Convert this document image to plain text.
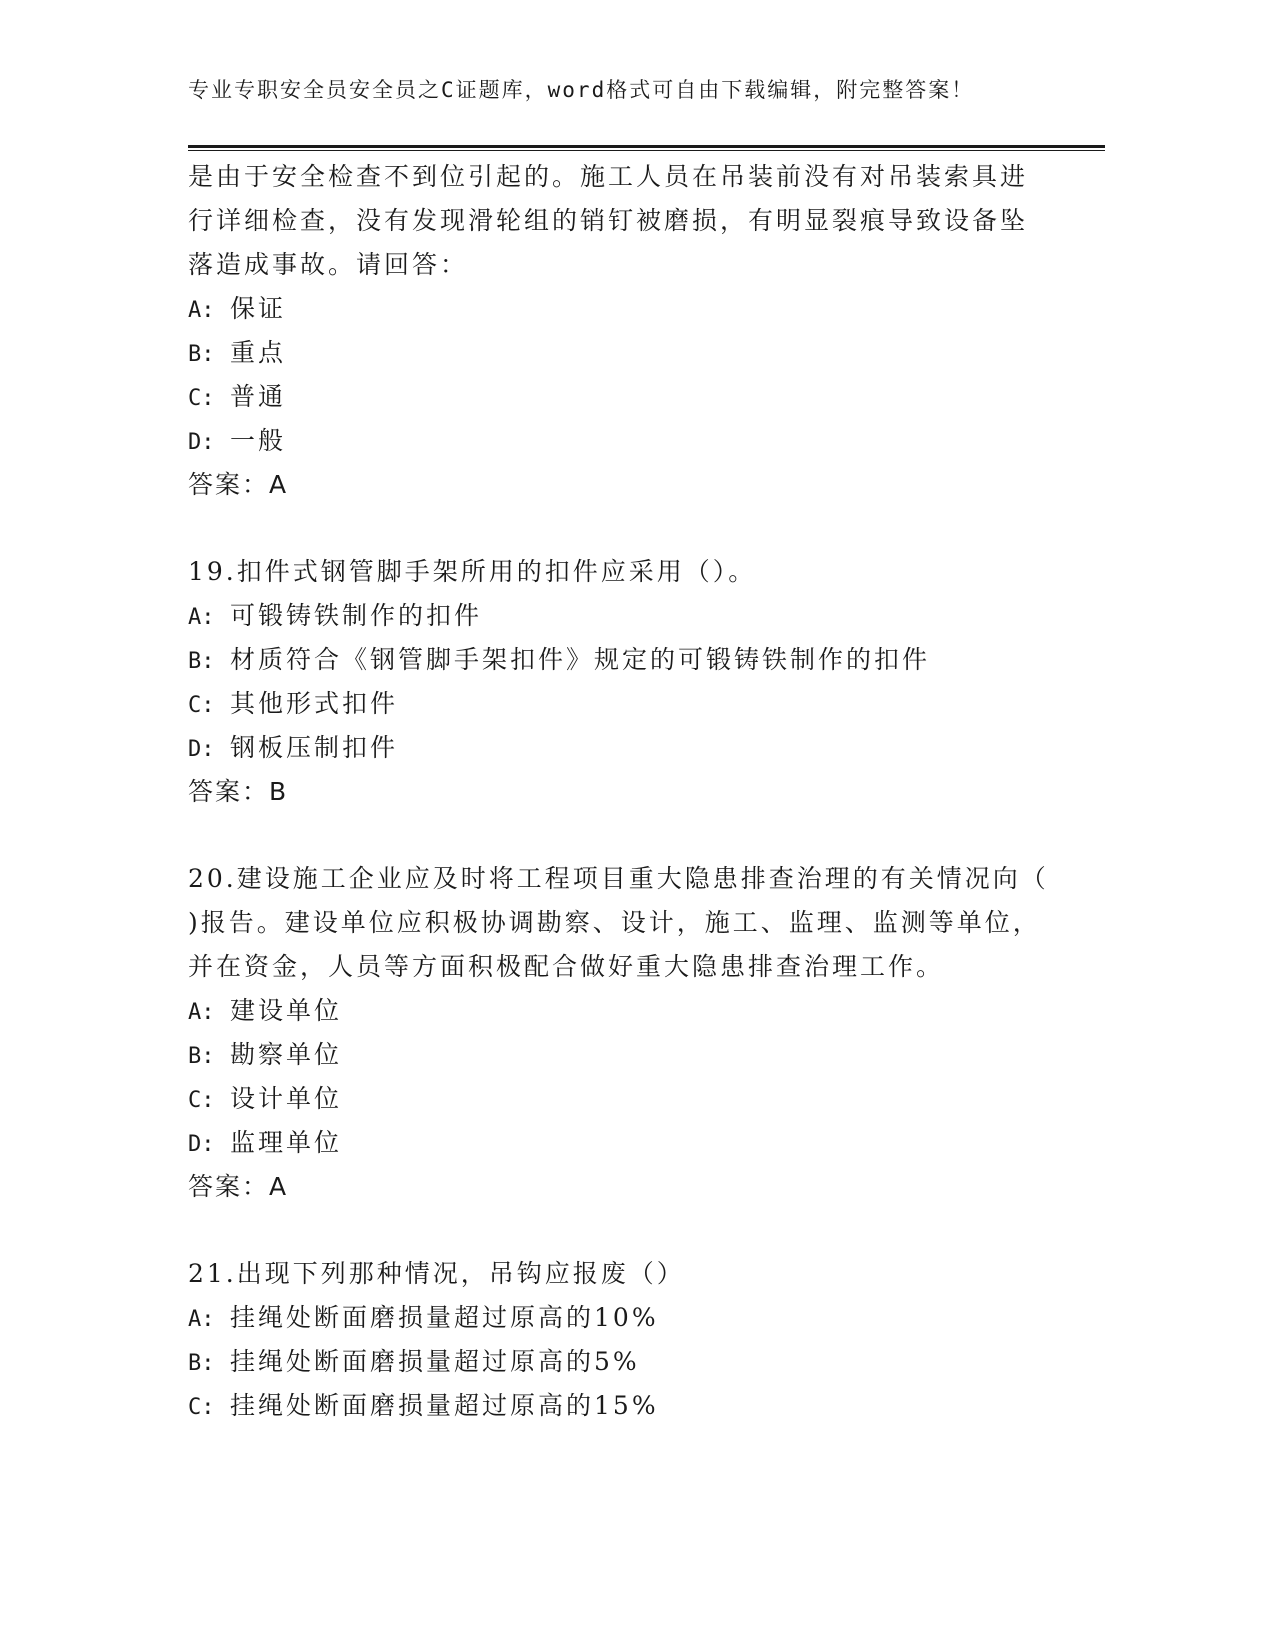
专业专职安全员安全员之C证题库，word格式可自由下载编辑，附完整答案！
是由于安全检查不到位引起的。施工人员在吊装前没有对吊装索具进
行详细检查，没有发现滑轮组的销钉被磨损，有明显裂痕导致设备坠
落造成事故。请回答：
A: 保证
B: 重点
C: 普通
D: 一般
答案：A
19.扣件式钢管脚手架所用的扣件应采用（）。
A: 可锻铸铁制作的扣件
B: 材质符合《钢管脚手架扣件》规定的可锻铸铁制作的扣件
C: 其他形式扣件
D: 钢板压制扣件
答案：B
20.建设施工企业应及时将工程项目重大隐患排查治理的有关情况向（
)报告。建设单位应积极协调勘察、设计，施工、监理、监测等单位，
并在资金，人员等方面积极配合做好重大隐患排查治理工作。
A: 建设单位
B: 勘察单位
C: 设计单位
D: 监理单位
答案：A
21.出现下列那种情况，吊钩应报废（）
A: 挂绳处断面磨损量超过原高的10%
B: 挂绳处断面磨损量超过原高的5%
C: 挂绳处断面磨损量超过原高的15%
